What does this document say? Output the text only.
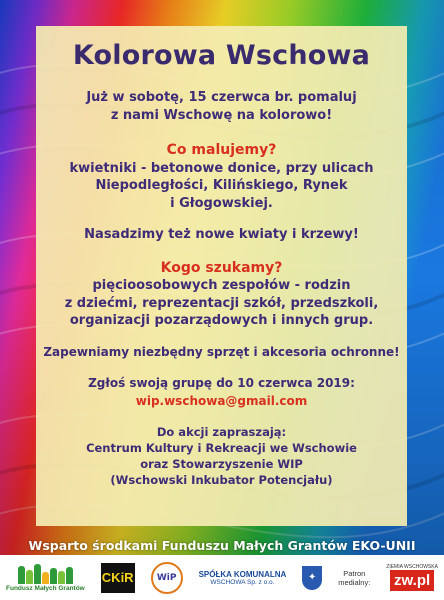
Kolorowa Wschowa
Już w sobotę, 15 czerwca br. pomaluj
z nami Wschowę na kolorowo!
Co malujemy?
kwietniki - betonowe donice, przy ulicach
Niepodległości, Kilińskiego, Rynek
i Głogowskiej.
Nasadzimy też nowe kwiaty i krzewy!
Kogo szukamy?
pięcioosobowych zespołów - rodzin
z dziećmi, reprezentacji szkół, przedszkoli,
organizacji pozarządowych i innych grup.
Zapewniamy niezbędny sprzęt i akcesoria ochronne!
Zgłoś swoją grupę do 10 czerwca 2019:
wip.wschowa@gmail.com
Do akcji zapraszają:
Centrum Kultury i Rekreacji we Wschowie
oraz Stowarzyszenie WIP
(Wschowski Inkubator Potencjału)
Wsparto środkami Funduszu Małych Grantów EKO-UNII
Fundusz Małych Grantów
CKiR	WiP	SPÓŁKA KOMUNALNA
WSCHOWA Sp. z o.o.	✦	Patron
medialny:
ZIEMIA WSCHOWSKA
zw.pl
